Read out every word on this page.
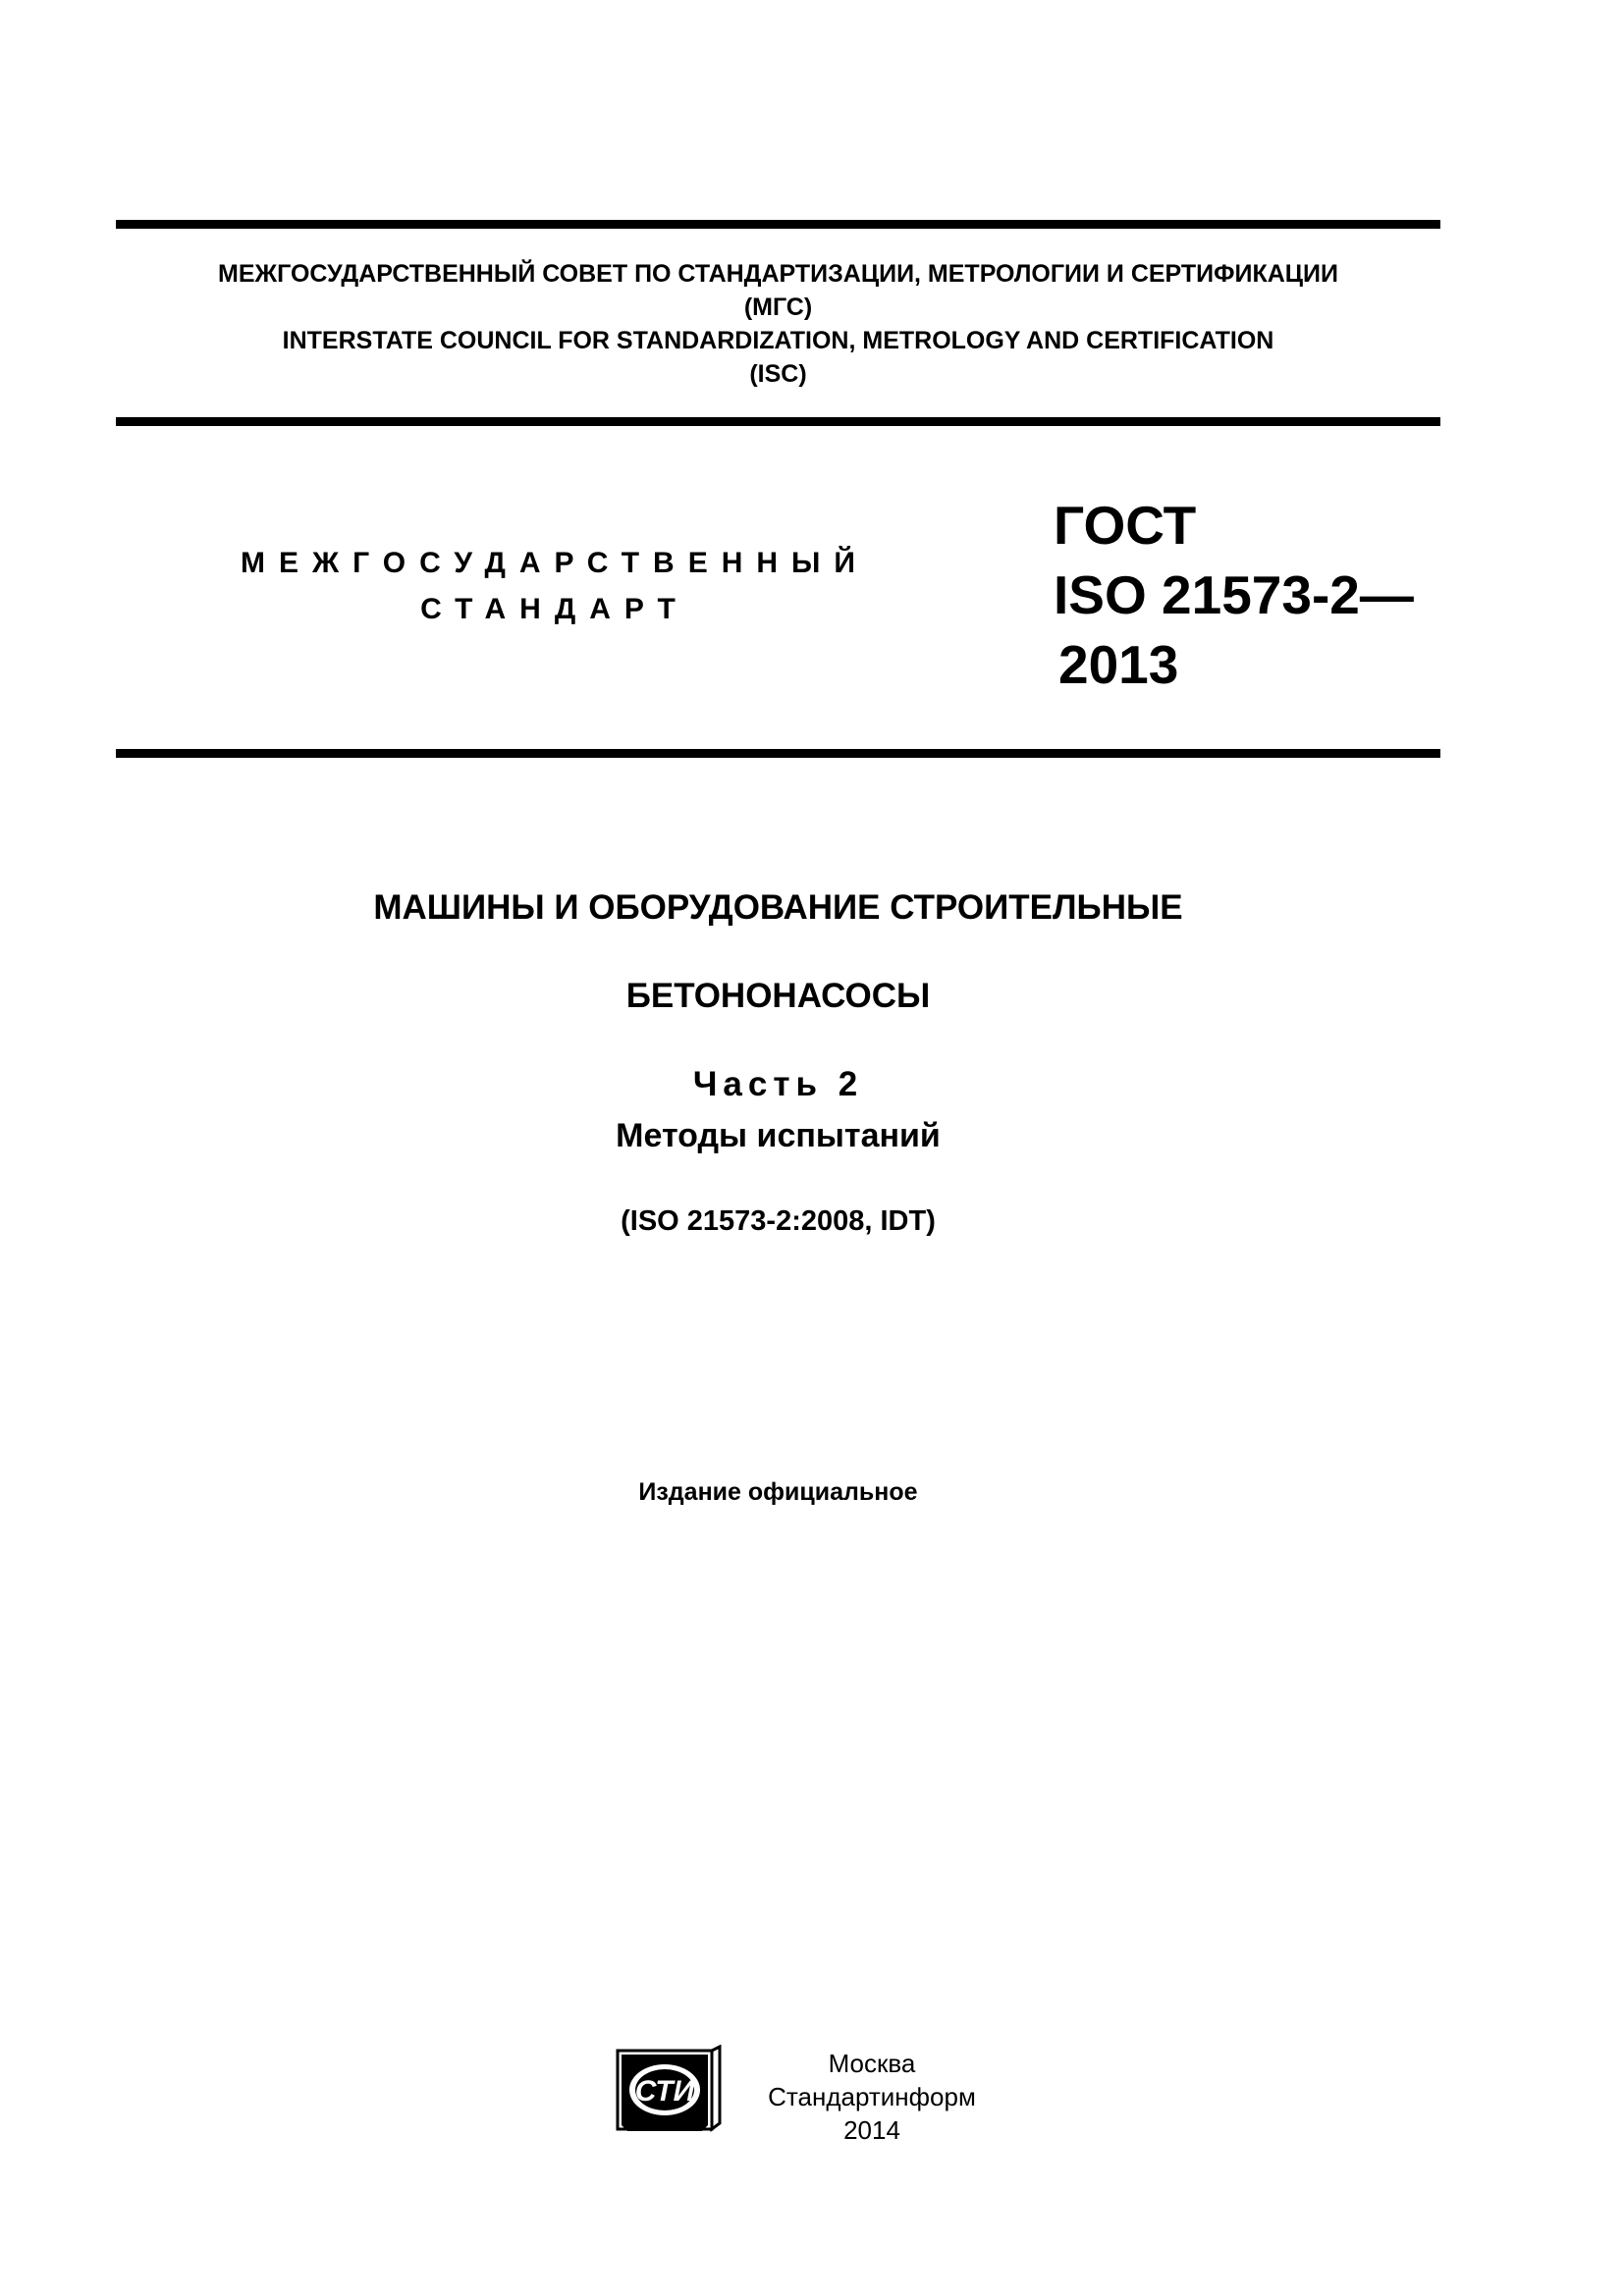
МЕЖГОСУДАРСТВЕННЫЙ СОВЕТ ПО СТАНДАРТИЗАЦИИ, МЕТРОЛОГИИ И СЕРТИФИКАЦИИ
(МГС)
INTERSTATE COUNCIL FOR STANDARDIZATION, METROLOGY AND CERTIFICATION
(ISC)
МЕЖГОСУДАРСТВЕННЫЙ
СТАНДАРТ
ГОСТ
ISO 21573-2—
2013
МАШИНЫ И ОБОРУДОВАНИЕ СТРОИТЕЛЬНЫЕ
БЕТОНОНАСОСЫ
Часть 2
Методы испытаний
(ISO 21573-2:2008, IDT)
Издание официальное
СТИ
Москва
Стандартинформ
2014
